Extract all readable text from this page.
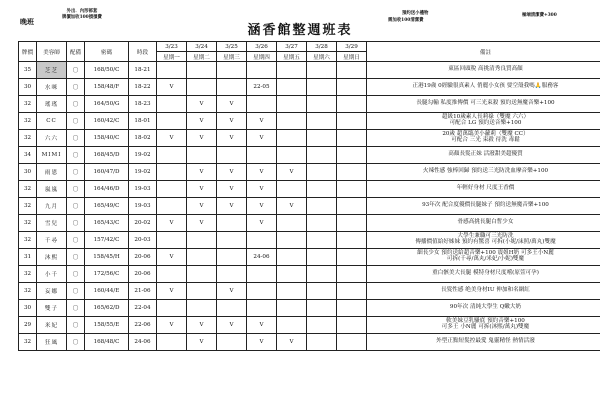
晚班
外出．內形部套
牌價加收100摃摃費
涵香館整週班表
預約送小禮物
需加收100清潔費
極端清潔費+300
牌價	美容師	配備	密碼	時段	3/23	3/24	3/25	3/26	3/27	3/28	3/29	備註
					星期一	星期二	星期三	星期四	星期五	星期六	星期日	
35	芝芝	〇	168/50/C	18-21								東區回頭稅 高挑清秀良質高顏

30	水咪	〇	158/48/F	18-22	V			22-05				正港19歲 0經驗很真素人 俏麗小女孩 要空殼我嗎🙏服務客

32	瑤瑤	〇	164/50/G	18-23		V	V					長腿勾輸 私度推傳價 可三光束殺 預約送無魔音樂+100

32	CC	〇	160/42/C	18-01		V	V	V				超級10歲素人長莉祿（雙魔 六六）
可配合 LG 預約送音樂+100

32	六六	〇	158/40/C	18-02	V	V	V	V				20歲 超萬臨美小蘿莉（雙魔 CC）
可配合 三光 束殺 待洗 毒鬆

34	MIMI	〇	168/45/D	19-02								高顏長髮正妹 活潑甜美超優質

30	雨恩	〇	160/47/D	19-02		V	V	V	V			火辣性感 強棒回歸 預約送三光防洗血摩音樂+100

32	嵐嵐	〇	164/46/D	19-03		V	V	V				年輕好身材 尺度王香價

32	九月	〇	165/49/C	19-03		V	V	V	V			93年次 配合度優價長腿妹子 預約送無魔音樂+100

32	雪兒	〇	165/43/C	20-02	V	V		V				骨感高挑長腿白皙少女

32	千尋	〇	157/42/C	20-03								大學生兼職可三光防洗
傳播價值給好姊妹 預約有驚喜 可拆(小妮/沫照/萬丸)雙魔

31	沐熙	〇	158/45/H	20-06	V			24-06				細長少女 預約送給超音樂+100 震姐H奶 可多王小N麗
可拆(千尋/萬丸/米妃/小妮)雙魔

32	小千	〇	172/56/C	20-06								重白骸美大長腿 模特身材尺度嚐(原萱可孕)

32	妄娜	〇	160/44/E	21-06	V		V					長髮性感 绝美身材IU 伸加和名網紅

30	雙子	〇	165/62/D	22-04								90年次 清純大學生 Q嫩大奶

29	米妃	〇	158/55/E	22-06	V	V	V	V				軟美妹豆乳騷底 預約音樂+100
可多王 小N麗 可拆(沐熙/萬丸)雙魔

32	狂風	〇	168/48/C	24-06		V		V	V			外型正點短髮控最愛 鬼靈精怪 熱情活潑
